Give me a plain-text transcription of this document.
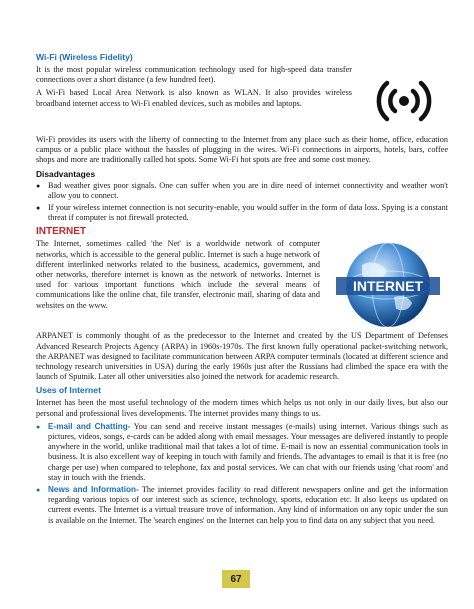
Wi-Fi (Wireless Fidelity)

It is the most popular wireless communication technology used for high-speed data transfer connections over a short distance (a few hundred feet).

A Wi-Fi based Local Area Network is also known as WLAN. It also provides wireless broadband internet access to Wi-Fi enabled devices, such as mobiles and laptops.

Wi-Fi provides its users with the liberty of connecting to the Internet from any place such as their home, office, education campus or a public place without the hassles of plugging in the wires. Wi-Fi connections in airports, hotels, bars, coffee shops and more are traditionally called hot spots. Some Wi-Fi hot spots are free and some cost money.

Disadvantages
● Bad weather gives poor signals. One can suffer when you are in dire need of internet connectivity and weather won't allow you to connect.
● If your wireless internet connection is not security-enable, you would suffer in the form of data loss. Spying is a constant threat if computer is not firewall protected.
INTERNET

The Internet, sometimes called 'the Net' is a worldwide network of computer networks, which is accessible to the general public. Internet is such a huge network of different interlinked networks related to the business, academics, government, and other networks, therefore internet is known as the network of networks. Internet is used for various important functions which include the several means of communications like the online chat, file transfer, electronic mail, sharing of data and websites on the www.

INTERNET

ARPANET is commonly thought of as the predecessor to the Internet and created by the US Department of Defenses Advanced Research Projects Agency (ARPA) in 1960s-1970s. The first known fully operational packet-switching network, the ARPANET was designed to facilitate communication between ARPA computer terminals (located at different science and technology research universities in USA) during the early 1960s just after the Russians had climbed the space era with the launch of Sputnik. Later all other universities also joined the network for academic research.

Uses of Internet

Internet has been the most useful technology of the modern times which helps us not only in our daily lives, but also our personal and professional lives developments. The internet provides many things to us.

● E-mail and Chatting- You can send and receive instant messages (e-mails) using internet. Various things such as pictures, videos, songs, e-cards can be added along with email messages. Your messages are delivered instantly to people anywhere in the world, unlike traditional mail that takes a lot of time. E-mail is now an essential communication tools in business. It is also excellent way of keeping in touch with family and friends. The advantages to email is that it is free (no charge per use) when compared to telephone, fax and postal services. We can chat with our friends using 'chat room' and stay in touch with the friends.
● News and Information- The internet provides facility to read different newspapers online and get the information regarding various topics of our interest such as science, technology, sports, education etc. It also keeps us updated on current events. The Internet is a virtual treasure trove of information. Any kind of information on any topic under the sun is available on the Internet. The 'search engines' on the Internet can help you to find data on any subject that you need.
67
